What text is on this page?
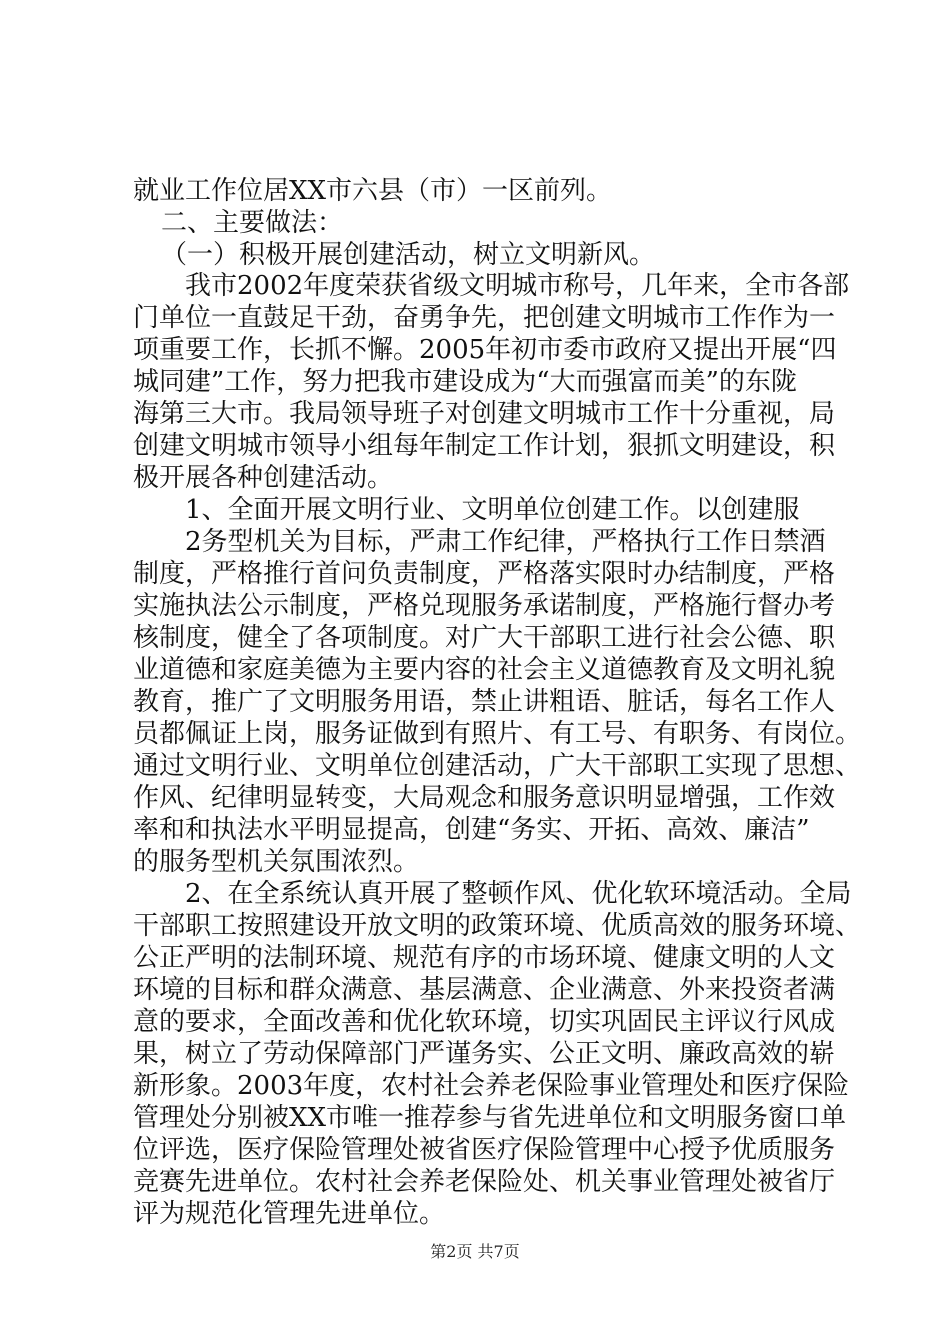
就业工作位居XX市六县（市）一区前列。
二、主要做法：
（一）积极开展创建活动，树立文明新风。
我市2002年度荣获省级文明城市称号，几年来，全市各部
门单位一直鼓足干劲，奋勇争先，把创建文明城市工作作为一
项重要工作，长抓不懈。2005年初市委市政府又提出开展“四
城同建”工作，努力把我市建设成为“大而强富而美”的东陇
海第三大市。我局领导班子对创建文明城市工作十分重视，局
创建文明城市领导小组每年制定工作计划，狠抓文明建设，积
极开展各种创建活动。
1、全面开展文明行业、文明单位创建工作。以创建服
2务型机关为目标，严肃工作纪律，严格执行工作日禁酒
制度，严格推行首问负责制度，严格落实限时办结制度，严格
实施执法公示制度，严格兑现服务承诺制度，严格施行督办考
核制度，健全了各项制度。对广大干部职工进行社会公德、职
业道德和家庭美德为主要内容的社会主义道德教育及文明礼貌
教育，推广了文明服务用语，禁止讲粗语、脏话，每名工作人
员都佩证上岗，服务证做到有照片、有工号、有职务、有岗位。
通过文明行业、文明单位创建活动，广大干部职工实现了思想、
作风、纪律明显转变，大局观念和服务意识明显增强，工作效
率和和执法水平明显提高，创建“务实、开拓、高效、廉洁”
的服务型机关氛围浓烈。
2、在全系统认真开展了整顿作风、优化软环境活动。全局
干部职工按照建设开放文明的政策环境、优质高效的服务环境、
公正严明的法制环境、规范有序的市场环境、健康文明的人文
环境的目标和群众满意、基层满意、企业满意、外来投资者满
意的要求，全面改善和优化软环境，切实巩固民主评议行风成
果，树立了劳动保障部门严谨务实、公正文明、廉政高效的崭
新形象。2003年度，农村社会养老保险事业管理处和医疗保险
管理处分别被XX市唯一推荐参与省先进单位和文明服务窗口单
位评选，医疗保险管理处被省医疗保险管理中心授予优质服务
竞赛先进单位。农村社会养老保险处、机关事业管理处被省厅
评为规范化管理先进单位。
第2页 共7页
